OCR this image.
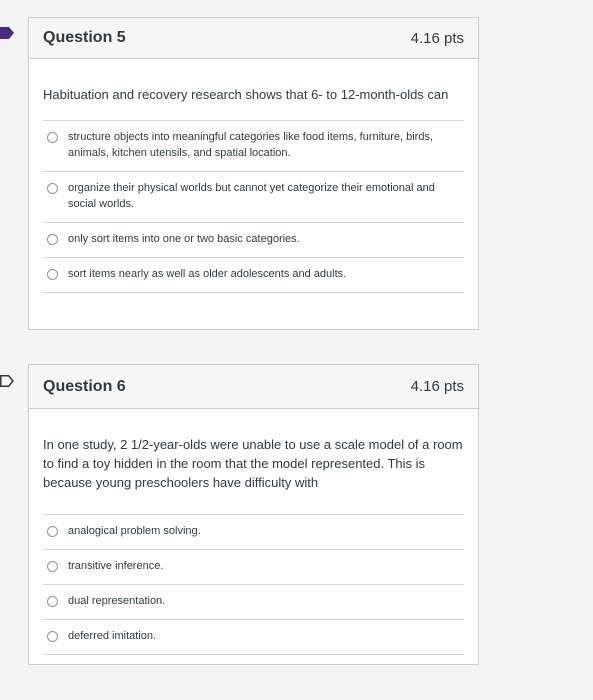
Question 5	4.16 pts
Habituation and recovery research shows that 6- to 12-month-olds can
structure objects into meaningful categories like food items, furniture, birds, animals, kitchen utensils, and spatial location.
organize their physical worlds but cannot yet categorize their emotional and social worlds.
only sort items into one or two basic categories.
sort items nearly as well as older adolescents and adults.
Question 6	4.16 pts
In one study, 2 1/2-year-olds were unable to use a scale model of a room to find a toy hidden in the room that the model represented. This is because young preschoolers have difficulty with
analogical problem solving.
transitive inference.
dual representation.
deferred imitation.
